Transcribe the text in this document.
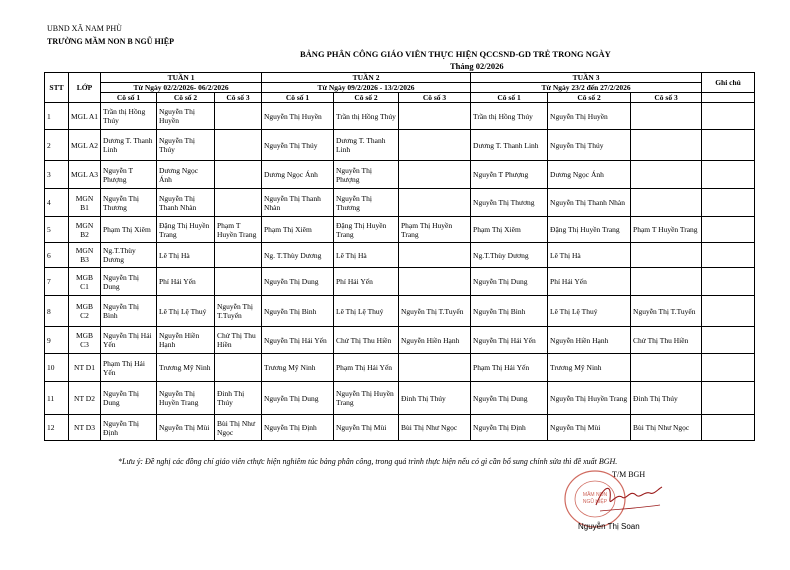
UBND XÃ NAM PHÙ
TRƯỜNG MẦM NON B NGŨ HIỆP
BẢNG PHÂN CÔNG GIÁO VIÊN THỰC HIỆN QCCSND-GD TRẺ TRONG NGÀY
Tháng 02/2026
STT	LỚP	TUẦN 1			TUẦN 2			TUẦN 3			Ghi chú
		Từ Ngày 02/2/2026- 06/2/2026			Từ Ngày 09/2/2026 - 13/2/2026			Từ Ngày 23/2 đến 27/2/2026			
		Cô số 1	Cô số 2	Cô số 3	Cô số 1	Cô số 2	Cô số 3	Cô số 1	Cô số 2	Cô số 3	
1	MGL A1	Trần thị Hồng Thúy	Nguyễn Thị Huyền		Nguyễn Thị Huyền	Trần thị Hồng Thúy		Trần thị Hồng Thúy	Nguyễn Thị Huyền		
2	MGL A2	Dương T. Thanh Linh	Nguyễn Thị Thúy		Nguyễn Thị Thúy	Dương T. Thanh Linh		Dương T. Thanh Linh	Nguyễn Thị Thúy		
3	MGL A3	Nguyễn T Phượng	Dương Ngọc Ánh		Dương Ngọc Ánh	Nguyễn Thị Phượng		Nguyễn T Phượng	Dương Ngọc Ánh		
4	MGN B1	Nguyễn Thị Thương	Nguyễn Thị Thanh Nhàn		Nguyễn Thị Thanh Nhàn	Nguyễn Thị Thương		Nguyễn Thị Thương	Nguyễn Thị Thanh Nhàn		
5	MGN B2	Phạm Thị Xiêm	Đặng Thị Huyền Trang	Phạm T Huyền Trang	Phạm Thị Xiêm	Đặng Thị Huyền Trang	Phạm Thị Huyền Trang	Phạm Thị Xiêm	Đặng Thị Huyền Trang	Phạm T Huyền Trang	
6	MGN B3	Ng.T.Thùy Dương	Lê Thị Hà		Ng. T.Thùy Dương	Lê Thị Hà		Ng.T.Thùy Dương	Lê Thị Hà		
7	MGB C1	Nguyễn Thị Dung	Phí Hải Yến		Nguyễn Thị Dung	Phí Hải Yến		Nguyễn Thị Dung	Phí Hải Yến		
8	MGB C2	Nguyễn Thị Bình	Lê Thị Lệ Thuý	Nguyễn Thị T.Tuyển	Nguyễn Thị Bình	Lê Thị Lệ Thuý	Nguyễn Thị T.Tuyển	Nguyễn Thị Bình	Lê Thị Lệ Thuý	Nguyễn Thị T.Tuyển	
9	MGB C3	Nguyễn Thị Hải Yến	Nguyễn Hiền Hạnh	Chử Thị Thu Hiền	Nguyễn Thị Hải Yến	Chử Thị Thu Hiền	Nguyễn Hiền Hạnh	Nguyễn Thị Hải Yến	Nguyễn Hiền Hạnh	Chử Thị Thu Hiền	
10	NT D1	Phạm Thị Hải Yến	Trương Mỹ Ninh		Trương Mỹ Ninh	Phạm Thị Hải Yến		Phạm Thị Hải Yến	Trương Mỹ Ninh		
11	NT D2	Nguyễn Thị Dung	Nguyễn Thị Huyền Trang	Đinh Thị Thúy	Nguyễn Thị Dung	Nguyễn Thị Huyền Trang	Đinh Thị Thúy	Nguyễn Thị Dung	Nguyễn Thị Huyền Trang	Đinh Thị Thúy	
12	NT D3	Nguyễn Thị Định	Nguyễn Thị Mùi	Bùi Thị Như Ngọc	Nguyễn Thị Định	Nguyễn Thị Mùi	Bùi Thị Như Ngọc	Nguyễn Thị Định	Nguyễn Thị Mùi	Bùi Thị Như Ngọc	
*Lưu ý: Đề nghị các đồng chí giáo viên cthực hiện nghiêm túc bảng phân công, trong quá trình thực hiện nếu có gì cần bổ sung chỉnh sửa thì đề xuất BGH.
T/M BGH
MẦM NON
NGŨ HIỆP
Nguyễn Thị Soan
